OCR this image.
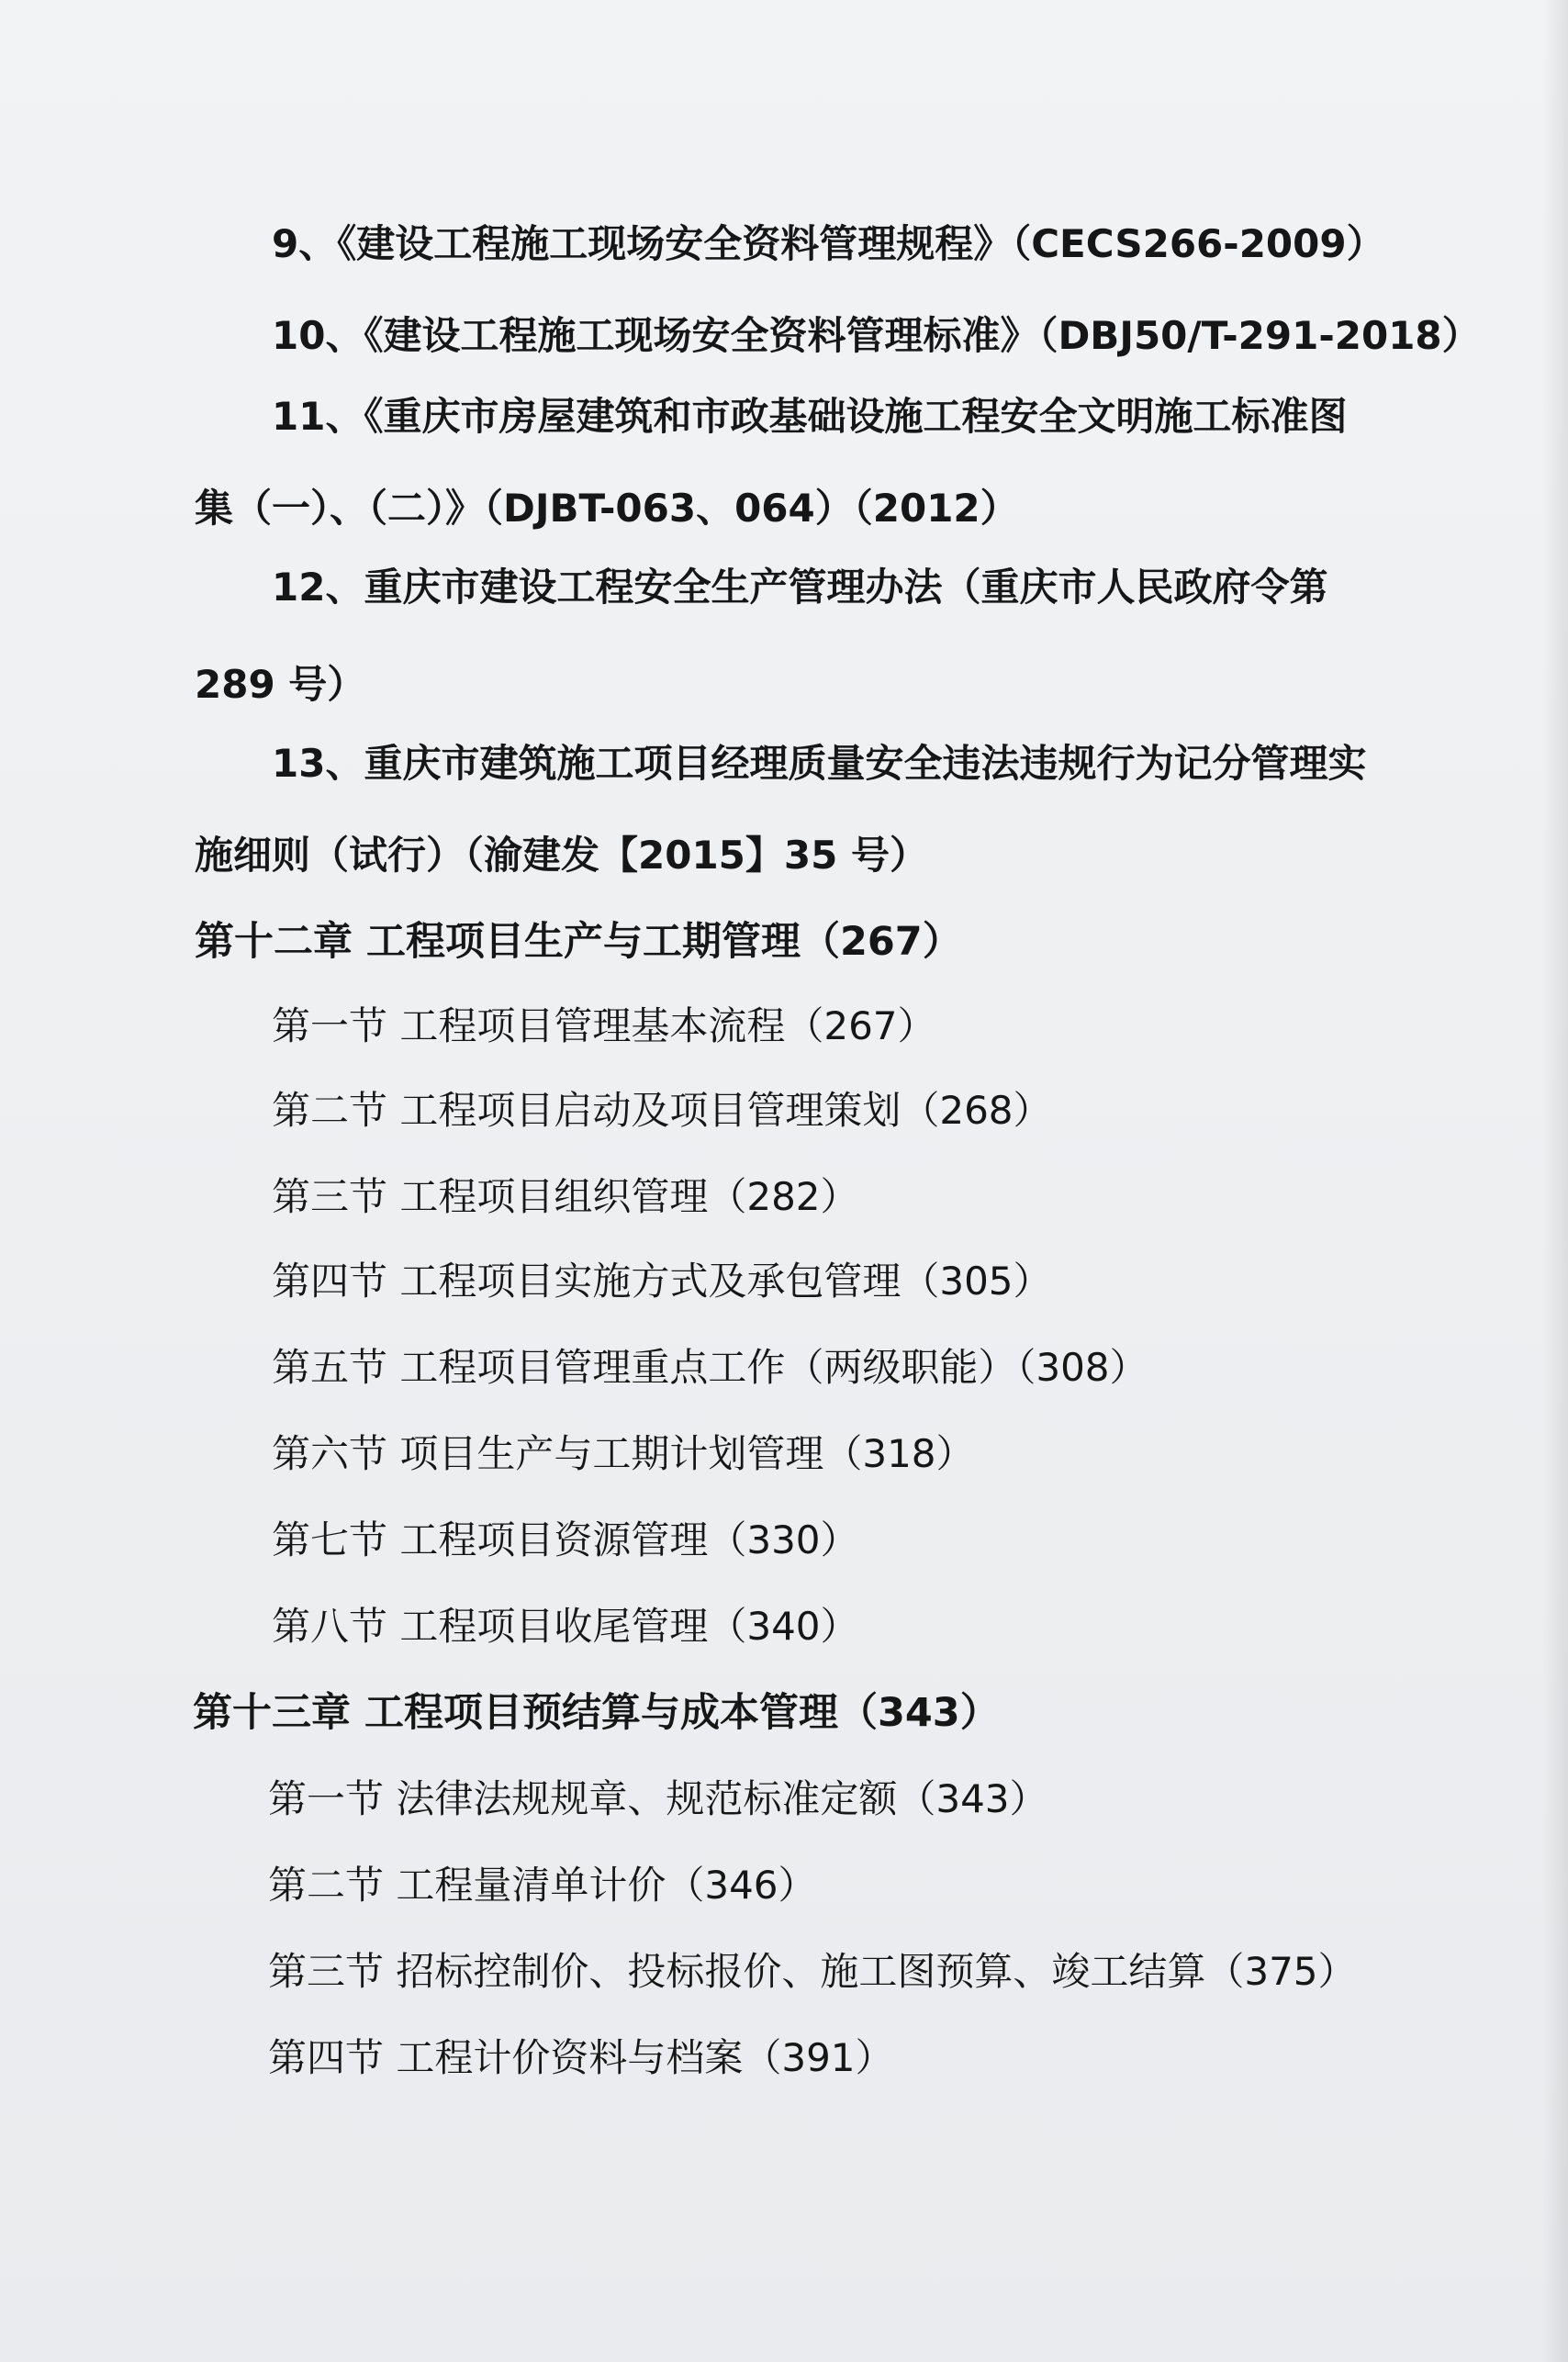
9、《建设工程施工现场安全资料管理规程》（CECS266-2009）
10、《建设工程施工现场安全资料管理标准》（DBJ50/T-291-2018）
11、《重庆市房屋建筑和市政基础设施工程安全文明施工标准图
集（一）、（二）》（DJBT-063、064）（2012）
12、重庆市建设工程安全生产管理办法（重庆市人民政府令第
289 号）
13、重庆市建筑施工项目经理质量安全违法违规行为记分管理实
施细则（试行）（渝建发【2015】35 号）
第十二章 工程项目生产与工期管理（267）
第一节 工程项目管理基本流程（267）
第二节 工程项目启动及项目管理策划（268）
第三节 工程项目组织管理（282）
第四节 工程项目实施方式及承包管理（305）
第五节 工程项目管理重点工作（两级职能）（308）
第六节 项目生产与工期计划管理（318）
第七节 工程项目资源管理（330）
第八节 工程项目收尾管理（340）
第十三章 工程项目预结算与成本管理（343）
第一节 法律法规规章、规范标准定额（343）
第二节 工程量清单计价（346）
第三节 招标控制价、投标报价、施工图预算、竣工结算（375）
第四节 工程计价资料与档案（391）
